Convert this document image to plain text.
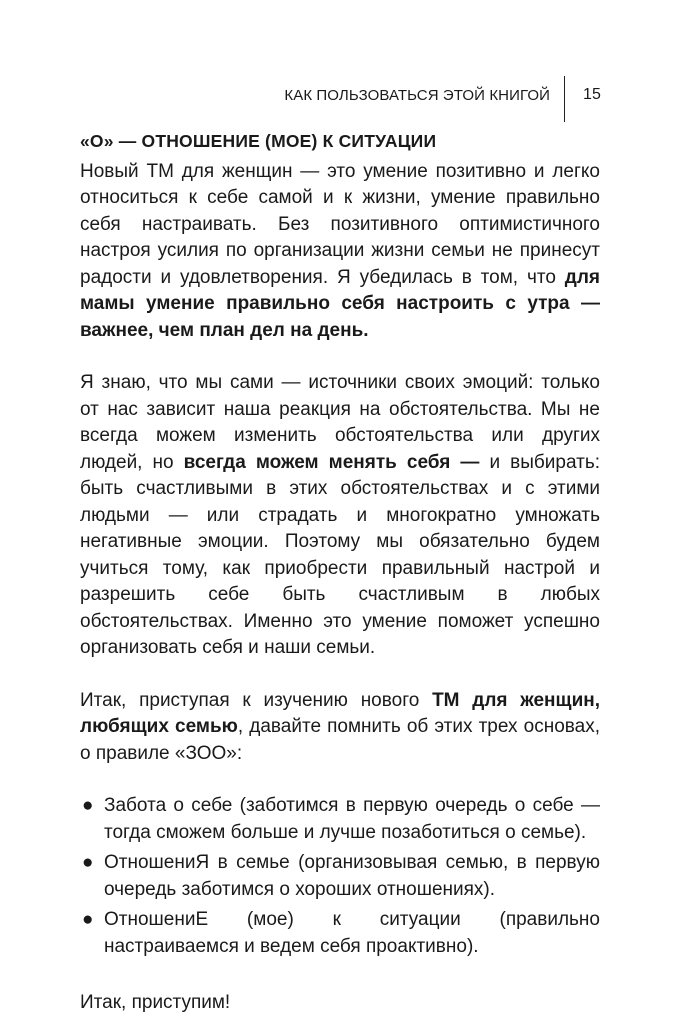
КАК ПОЛЬЗОВАТЬСЯ ЭТОЙ КНИГОЙ 15

«О» — ОТНОШЕНИЕ (МОЕ) К СИТУАЦИИ

Новый ТМ для женщин — это умение позитивно и легко относиться к себе самой и к жизни, умение правильно себя настраивать. Без позитивного оптимистичного настроя усилия по организации жизни семьи не принесут радости и удовлетворения. Я убедилась в том, что для мамы умение правильно себя настроить с утра — важнее, чем план дел на день.

Я знаю, что мы сами — источники своих эмоций: только от нас зависит наша реакция на обстоятельства. Мы не всегда можем изменить обстоятельства или других людей, но всегда можем менять себя — и выбирать: быть счастливыми в этих обстоятельствах и с этими людьми — или страдать и многократно умножать негативные эмоции. Поэтому мы обязательно будем учиться тому, как приобрести правильный настрой и разрешить себе быть счастливым в любых обстоятельствах. Именно это умение поможет успешно организовать себя и наши семьи.

Итак, приступая к изучению нового ТМ для женщин, любящих семью, давайте помнить об этих трех основах, о правиле «ЗОО»:

● Забота о себе (заботимся в первую очередь о себе — тогда сможем больше и лучше позаботиться о семье).
● ОтношениЯ в семье (организовывая семью, в первую очередь заботимся о хороших отношениях).
● ОтношениЕ (мое) к ситуации (правильно настраиваемся и ведем себя проактивно).

Итак, приступим!
